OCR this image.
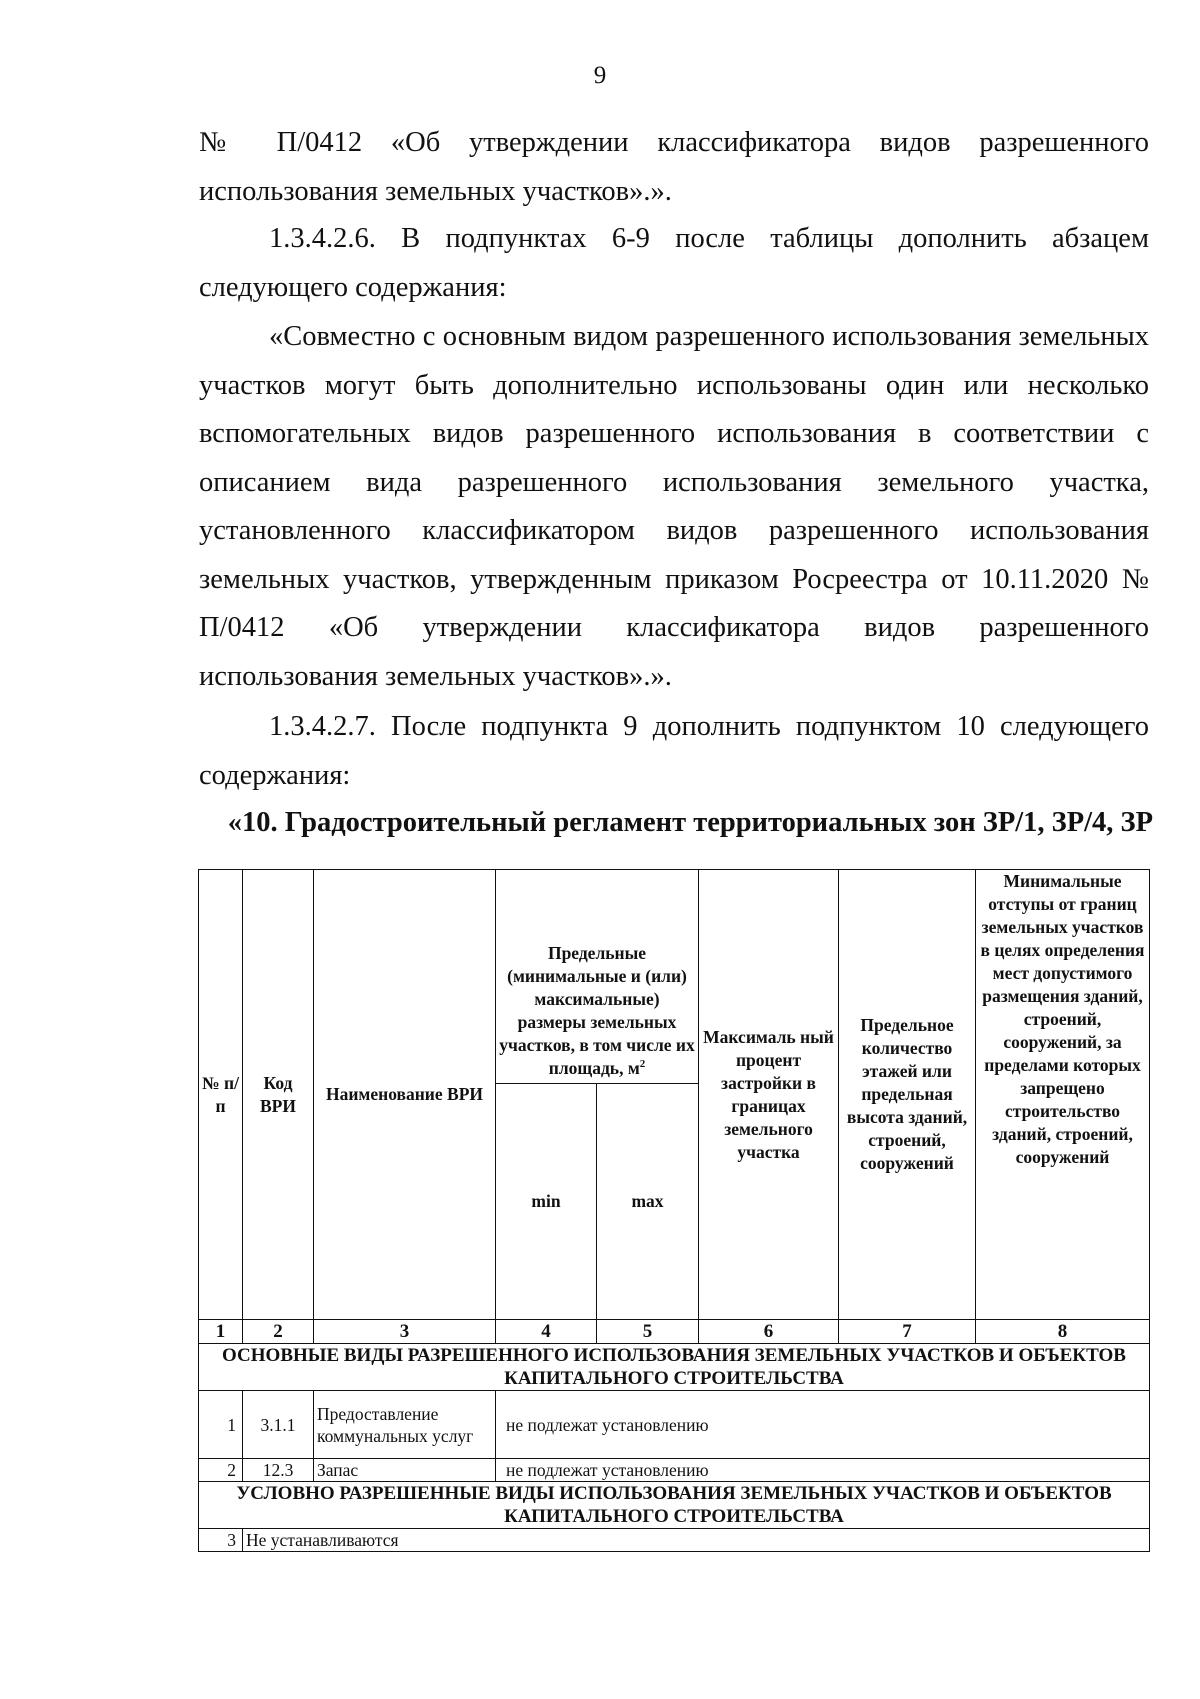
9

№ П/0412 «Об утверждении классификатора видов разрешенного использования земельных участков».».

1.3.4.2.6. В подпунктах 6-9 после таблицы дополнить абзацем следующего содержания:

«Совместно с основным видом разрешенного использования земельных участков могут быть дополнительно использованы один или несколько вспомогательных видов разрешенного использования в соответствии с описанием вида разрешенного использования земельного участка, установленного классификатором видов разрешенного использования земельных участков, утвержденным приказом Росреестра от 10.11.2020 № П/0412 «Об утверждении классификатора видов разрешенного использования земельных участков».».

1.3.4.2.7. После подпункта 9 дополнить подпунктом 10 следующего содержания:

«10. Градостроительный регламент территориальных зон ЗР/1, ЗР/4, ЗР

№ п/ п	Код ВРИ	Наименование ВРИ	Предельные (минимальные и (или) максимальные) размеры земельных участков, в том числе их площадь, $м^2$		Максималь ный процент застройки в границах земельного участка	Предельное количество этажей или предельная высота зданий, строений, сооружений	Минимальные отступы от границ земельных участков в целях определения мест допустимого размещения зданий, строений, сооружений, за пределами которых запрещено строительство зданий, строений, сооружений
			min	max			
1	2	3	4	5	6	7	8
ОСНОВНЫЕ ВИДЫ РАЗРЕШЕННОГО ИСПОЛЬЗОВАНИЯ ЗЕМЕЛЬНЫХ УЧАСТКОВ И ОБЪЕКТОВ КАПИТАЛЬНОГО СТРОИТЕЛЬСТВА							
1	3.1.1	Предоставление коммунальных услуг	не подлежат установлению				
2	12.3	Запас	не подлежат установлению				
УСЛОВНО РАЗРЕШЕННЫЕ ВИДЫ ИСПОЛЬЗОВАНИЯ ЗЕМЕЛЬНЫХ УЧАСТКОВ И ОБЪЕКТОВ КАПИТАЛЬНОГО СТРОИТЕЛЬСТВА							
3	Не устанавливаются						
